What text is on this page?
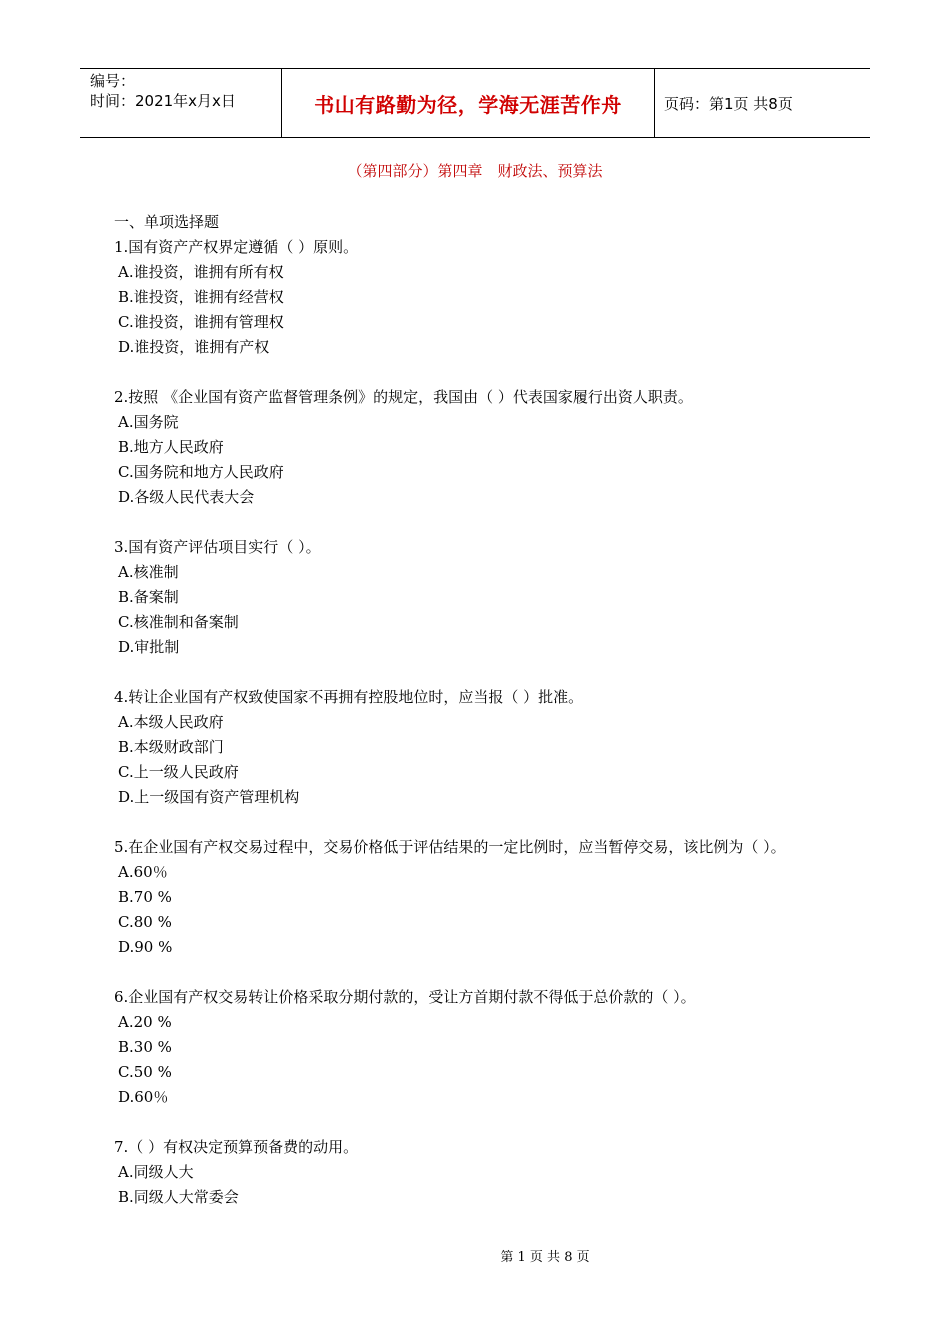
编号：
时间：2021年x月x日	书山有路勤为径，学海无涯苦作舟	页码：第1页 共8页
（第四部分）第四章　财政法、预算法
一、单项选择题
1.国有资产产权界定遵循（ ）原则。
A.谁投资，谁拥有所有权
B.谁投资，谁拥有经营权
C.谁投资，谁拥有管理权
D.谁投资，谁拥有产权
2.按照 《企业国有资产监督管理条例》的规定，我国由（ ）代表国家履行出资人职责。
A.国务院
B.地方人民政府
C.国务院和地方人民政府
D.各级人民代表大会
3.国有资产评估项目实行（ ）。
A.核准制
B.备案制
C.核准制和备案制
D.审批制
4.转让企业国有产权致使国家不再拥有控股地位时，应当报（ ）批准。
A.本级人民政府
B.本级财政部门
C.上一级人民政府
D.上一级国有资产管理机构
5.在企业国有产权交易过程中，交易价格低于评估结果的一定比例时，应当暂停交易，该比例为（ ）。
A.60％
B.70 %
C.80 %
D.90 %
6.企业国有产权交易转让价格采取分期付款的，受让方首期付款不得低于总价款的（ ）。
A.20 %
B.30 %
C.50 %
D.60％
7.（ ）有权决定预算预备费的动用。
A.同级人大
B.同级人大常委会
第 1 页 共 8 页
